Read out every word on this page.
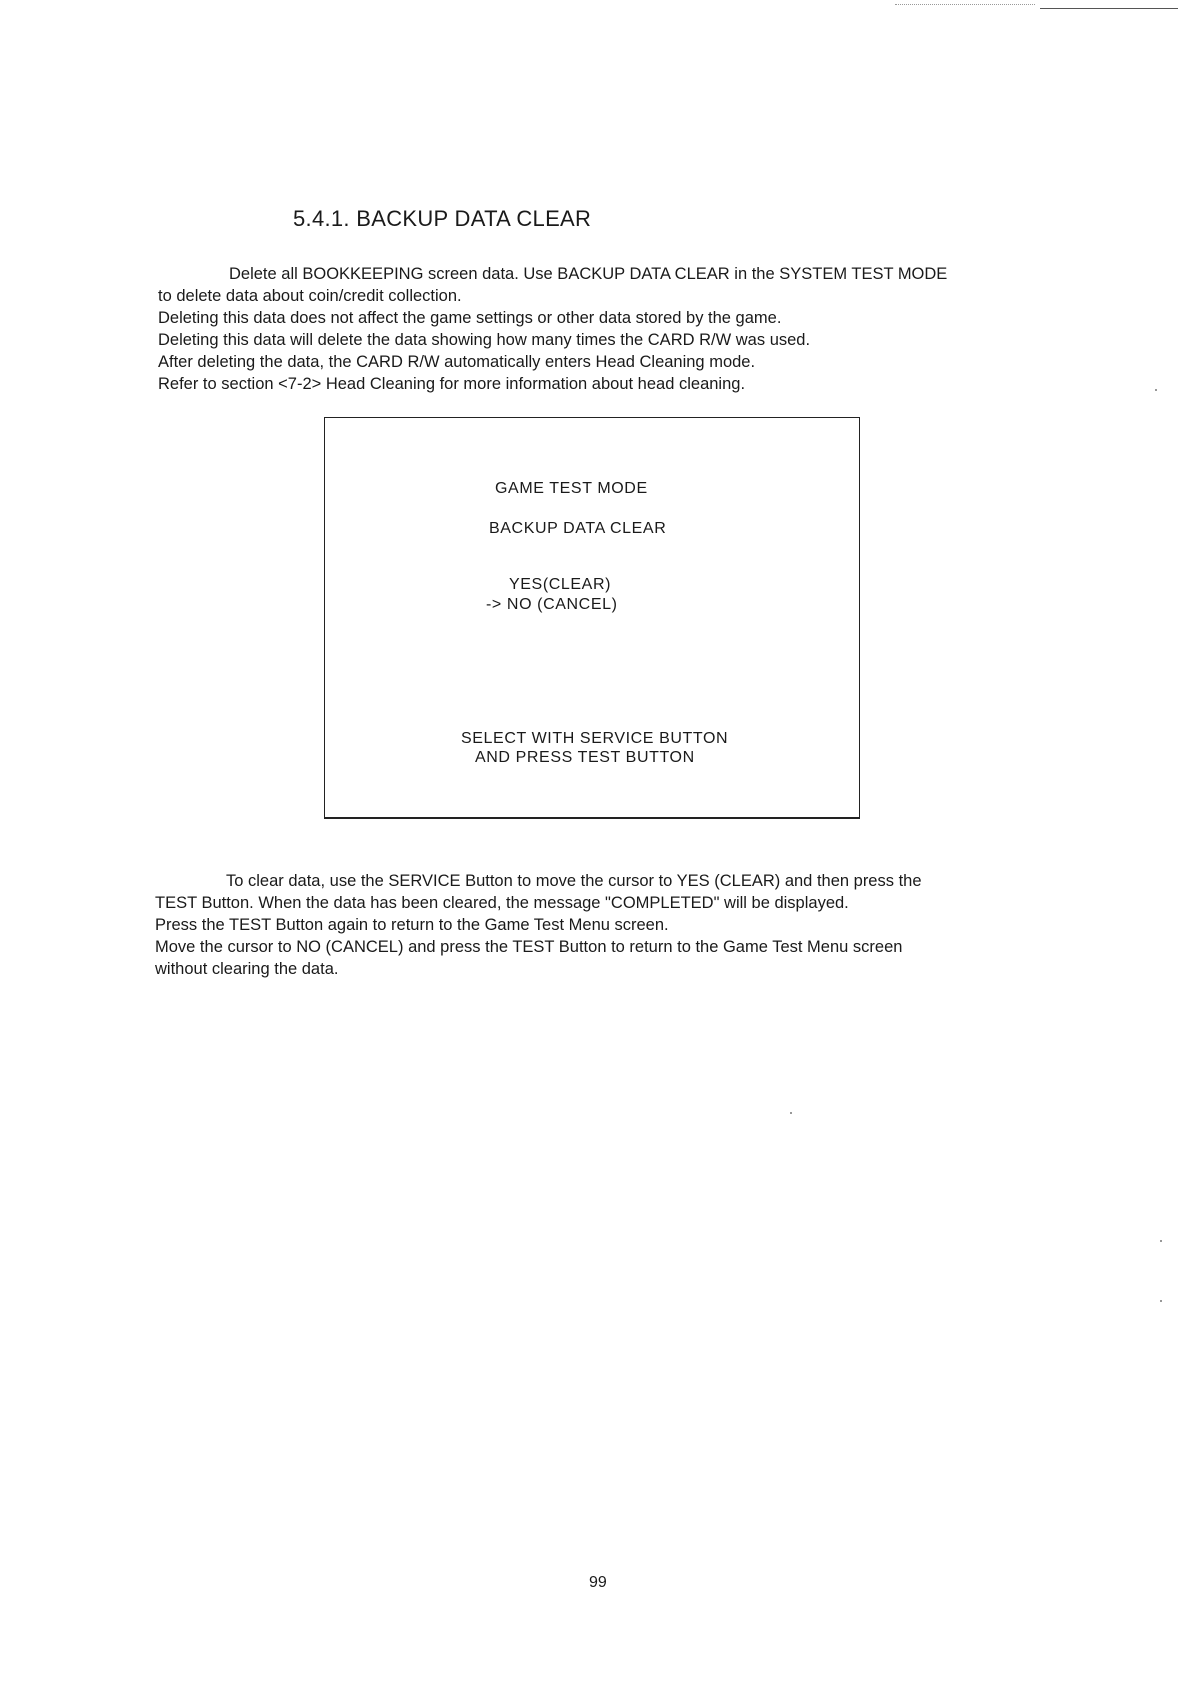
5.4.1. BACKUP DATA CLEAR
Delete all BOOKKEEPING screen data. Use BACKUP DATA CLEAR in the SYSTEM TEST MODE
to delete data about coin/credit collection.
Deleting this data does not affect the game settings or other data stored by the game.
Deleting this data will delete the data showing how many times the CARD R/W was used.
After deleting the data, the CARD R/W automatically enters Head Cleaning mode.
Refer to section <7-2> Head Cleaning for more information about head cleaning.
GAME TEST MODE
BACKUP DATA CLEAR
YES(CLEAR)
-> NO (CANCEL)
SELECT WITH SERVICE BUTTON
AND PRESS TEST BUTTON
To clear data, use the SERVICE Button to move the cursor to YES (CLEAR) and then press the
TEST Button. When the data has been cleared, the message "COMPLETED" will be displayed.
Press the TEST Button again to return to the Game Test Menu screen.
Move the cursor to NO (CANCEL) and press the TEST Button to return to the Game Test Menu screen
without clearing the data.
99
